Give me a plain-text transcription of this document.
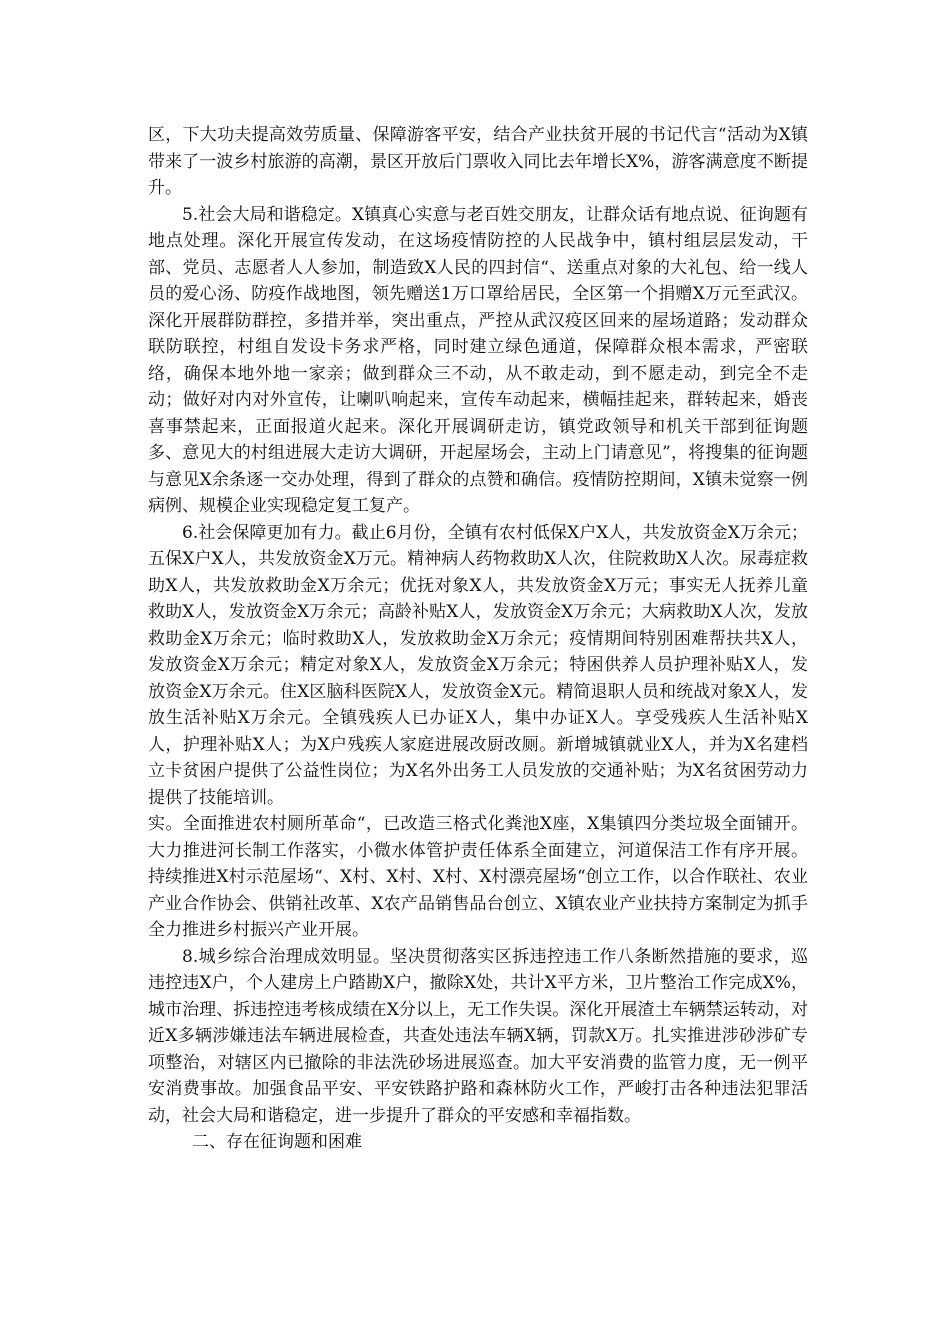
区，下大功夫提高效劳质量、保障游客平安，结合产业扶贫开展的书记代言“活动为X镇带来了一波乡村旅游的高潮，景区开放后门票收入同比去年增长X%，游客满意度不断提升。

5.社会大局和谐稳定。X镇真心实意与老百姓交朋友，让群众话有地点说、征询题有地点处理。深化开展宣传发动，在这场疫情防控的人民战争中，镇村组层层发动，干部、党员、志愿者人人参加，制造致X人民的四封信“、送重点对象的大礼包、给一线人员的爱心汤、防疫作战地图，领先赠送1万口罩给居民，全区第一个捐赠X万元至武汉。深化开展群防群控，多措并举，突出重点，严控从武汉疫区回来的屋场道路；发动群众联防联控，村组自发设卡务求严格，同时建立绿色通道，保障群众根本需求，严密联络，确保本地外地一家亲；做到群众三不动，从不敢走动，到不愿走动，到完全不走动；做好对内对外宣传，让喇叭响起来，宣传车动起来，横幅挂起来，群转起来，婚丧喜事禁起来，正面报道火起来。深化开展调研走访，镇党政领导和机关干部到征询题多、意见大的村组进展大走访大调研，开起屋场会，主动上门请意见”，将搜集的征询题与意见X余条逐一交办处理，得到了群众的点赞和确信。疫情防控期间，X镇未觉察一例病例、规模企业实现稳定复工复产。

6.社会保障更加有力。截止6月份，全镇有农村低保X户X人，共发放资金X万余元；五保X户X人，共发放资金X万元。精神病人药物救助X人次，住院救助X人次。尿毒症救助X人，共发放救助金X万余元；优抚对象X人，共发放资金X万元；事实无人抚养儿童救助X人，发放资金X万余元；高龄补贴X人，发放资金X万余元；大病救助X人次，发放救助金X万余元；临时救助X人，发放救助金X万余元；疫情期间特别困难帮扶共X人，发放资金X万余元；精定对象X人，发放资金X万余元；特困供养人员护理补贴X人，发放资金X万余元。住X区脑科医院X人，发放资金X元。精简退职人员和统战对象X人，发放生活补贴X万余元。全镇残疾人已办证X人，集中办证X人。享受残疾人生活补贴X人，护理补贴X人；为X户残疾人家庭进展改厨改厕。新增城镇就业X人，并为X名建档立卡贫困户提供了公益性岗位；为X名外出务工人员发放的交通补贴；为X名贫困劳动力提供了技能培训。

实。全面推进农村厕所革命“，已改造三格式化粪池X座，X集镇四分类垃圾全面铺开。大力推进河长制工作落实，小微水体管护责任体系全面建立，河道保洁工作有序开展。持续推进X村示范屋场“、X村、X村、X村、X村漂亮屋场“创立工作，以合作联社、农业产业合作协会、供销社改革、X农产品销售品台创立、X镇农业产业扶持方案制定为抓手全力推进乡村振兴产业开展。

8.城乡综合治理成效明显。坚决贯彻落实区拆违控违工作八条断然措施的要求，巡违控违X户，个人建房上户踏勘X户，撤除X处，共计X平方米，卫片整治工作完成X%，城市治理、拆违控违考核成绩在X分以上，无工作失误。深化开展渣土车辆禁运转动，对近X多辆涉嫌违法车辆进展检查，共查处违法车辆X辆，罚款X万。扎实推进涉砂涉矿专项整治，对辖区内已撤除的非法洗砂场进展巡查。加大平安消费的监管力度，无一例平安消费事故。加强食品平安、平安铁路护路和森林防火工作，严峻打击各种违法犯罪活动，社会大局和谐稳定，进一步提升了群众的平安感和幸福指数。

二、存在征询题和困难
